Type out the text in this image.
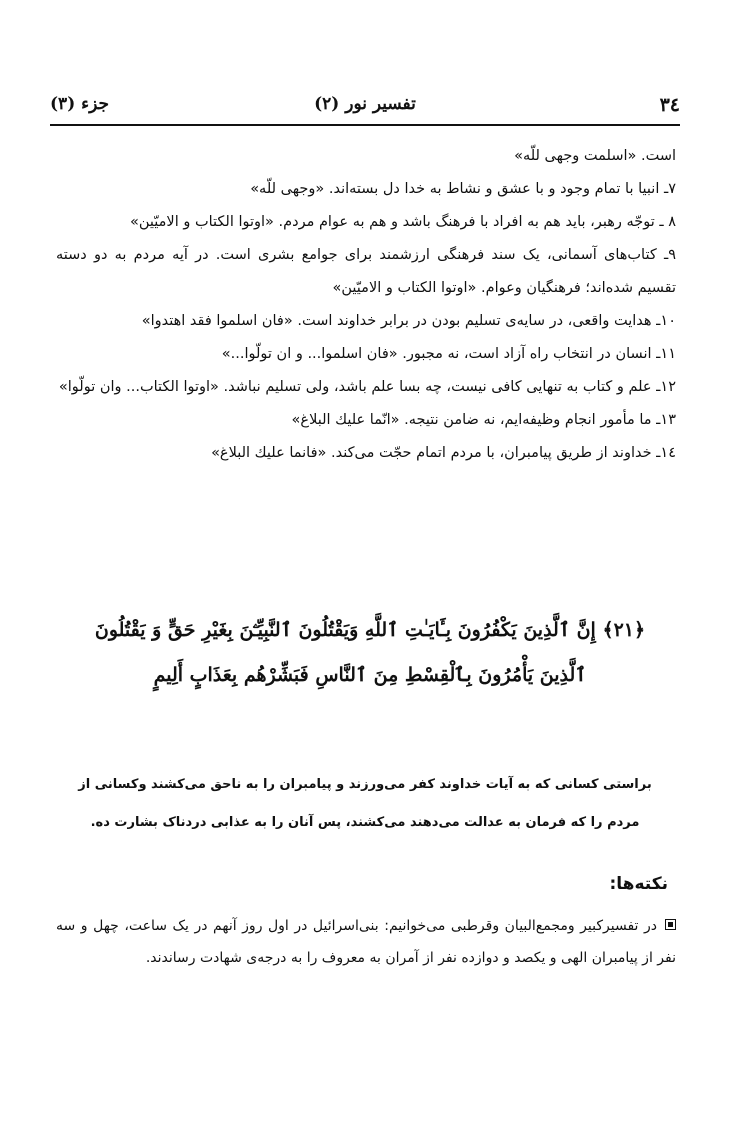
۳٤
تفسیر نور (۲)
جزء (۳)

است. «اسلمت وجهی للّه»

۷ـ انبیا با تمام وجود و با عشق و نشاط به خدا دل بسته‌اند. «وجهی للّه»

۸ ـ توجّه رهبر، باید هم به افراد با فرهنگ باشد و هم به عوام مردم. «اوتوا الکتاب و الامیّین»

۹ـ کتاب‌های آسمانی، یک سند فرهنگی ارزشمند برای جوامع بشری است. در آیه مردم به دو دسته تقسیم شده‌اند؛ فرهنگیان وعوام. «اوتوا الکتاب و الامیّین»

۱۰ـ هدایت واقعی، در سایه‌ی تسلیم بودن در برابر خداوند است. «فان اسلموا فقد اهتدوا»

۱۱ـ انسان در انتخاب راه آزاد است، نه مجبور. «فان اسلموا... و ان تولّوا...»

۱۲ـ علم و کتاب به تنهایی کافی نیست، چه بسا علم باشد، ولی تسلیم نباشد. «اوتوا الکتاب... وان تولّوا»

۱۳ـ ما مأمور انجام وظیفه‌ایم، نه ضامن نتیجه. «انّما علیك البلاغ»

۱٤ـ خداوند از طریق پیامبران، با مردم اتمام حجّت می‌کند. «فانما علیك البلاغ»

﴿۲۱﴾ إِنَّ ٱلَّذِينَ يَكْفُرُونَ بِـَٔايَـٰتِ ٱللَّهِ وَيَقْتُلُونَ ٱلنَّبِيِّـۧنَ بِغَيْرِ حَقٍّ وَ يَقْتُلُونَ ٱلَّذِينَ يَأْمُرُونَ بِٱلْقِسْطِ مِنَ ٱلنَّاسِ فَبَشِّرْهُم بِعَذَابٍ أَلِيمٍ
براستی کسانی که به آیات خداوند کفر می‌ورزند و پیامبران را به ناحق می‌کشند وکسانی از مردم را که فرمان به عدالت می‌دهند می‌کشند، پس آنان را به عذابی دردناک بشارت ده.
نکته‌ها:
در تفسیرکبیر ومجمع‌البیان وقرطبی می‌خوانیم: بنی‌اسرائیل در اول روز آنهم در یک ساعت، چهل و سه نفر از پیامبران الهی و یکصد و دوازده نفر از آمران به معروف را به درجه‌ی شهادت رساندند.
